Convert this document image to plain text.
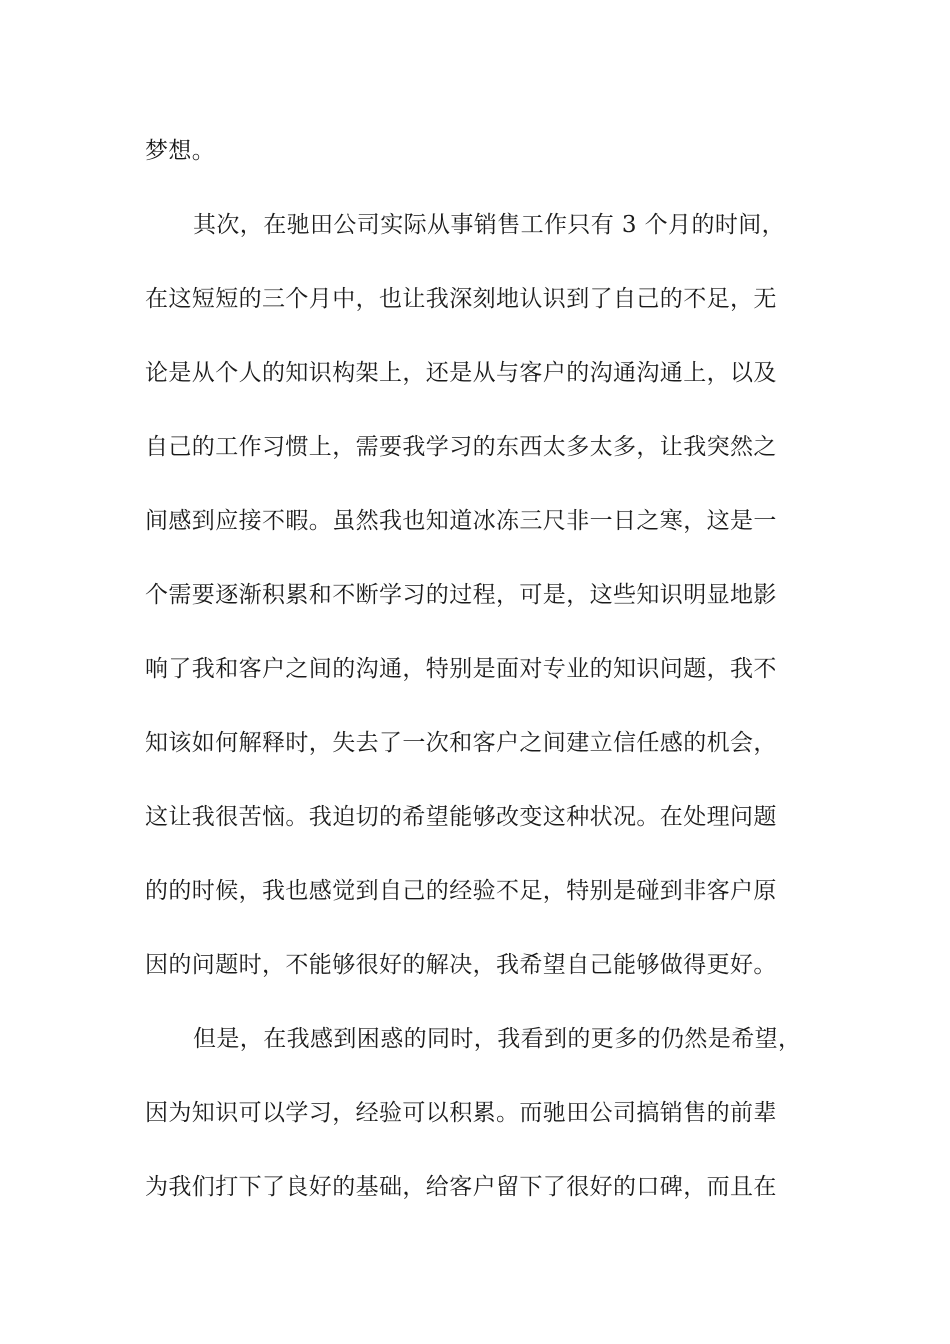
梦想。
其次，在驰田公司实际从事销售工作只有 3 个月的时间，
在这短短的三个月中，也让我深刻地认识到了自己的不足，无
论是从个人的知识构架上，还是从与客户的沟通沟通上，以及
自己的工作习惯上，需要我学习的东西太多太多，让我突然之
间感到应接不暇。虽然我也知道冰冻三尺非一日之寒，这是一
个需要逐渐积累和不断学习的过程，可是，这些知识明显地影
响了我和客户之间的沟通，特别是面对专业的知识问题，我不
知该如何解释时，失去了一次和客户之间建立信任感的机会，
这让我很苦恼。我迫切的希望能够改变这种状况。在处理问题
的的时候，我也感觉到自己的经验不足，特别是碰到非客户原
因的问题时，不能够很好的解决，我希望自己能够做得更好。
但是，在我感到困惑的同时，我看到的更多的仍然是希望，
因为知识可以学习，经验可以积累。而驰田公司搞销售的前辈
为我们打下了良好的基础，给客户留下了很好的口碑，而且在
